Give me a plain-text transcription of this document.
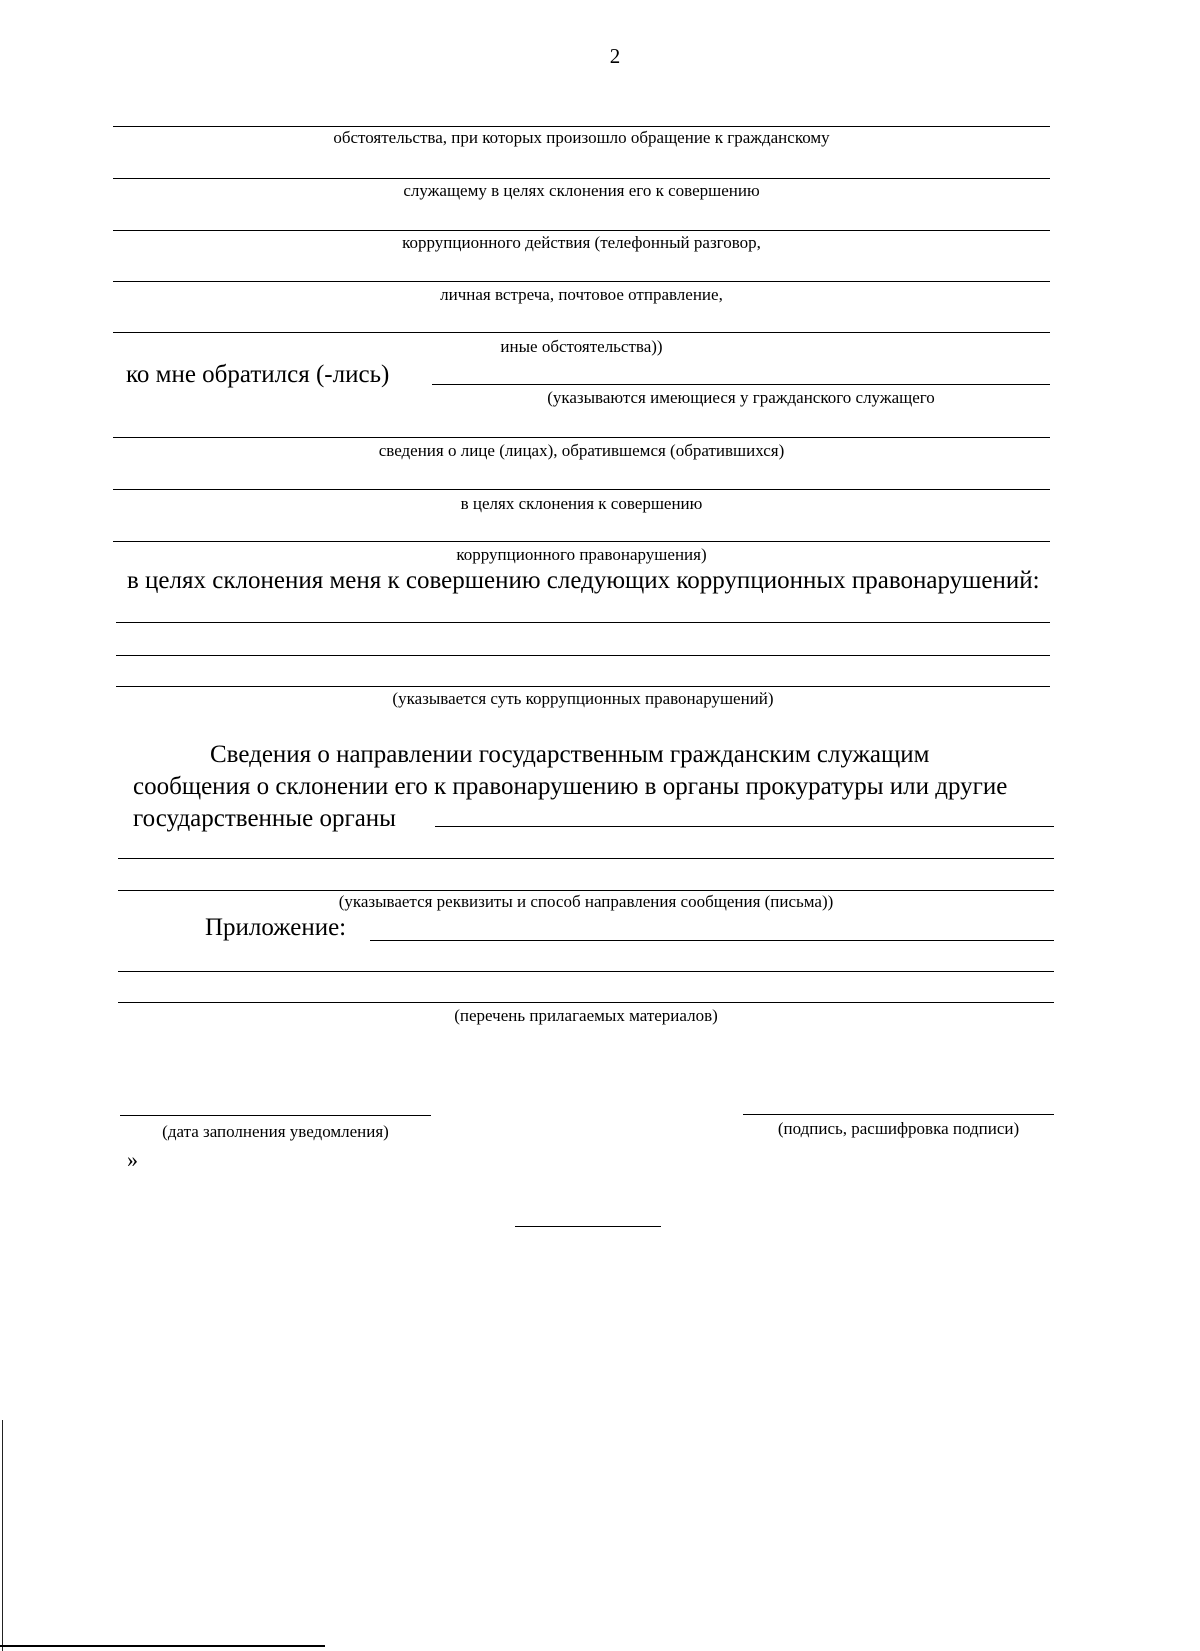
2
обстоятельства, при которых произошло обращение к гражданскому
служащему в целях склонения его к совершению
коррупционного действия (телефонный разговор,
личная встреча, почтовое отправление,
иные обстоятельства))
ко мне обратился (-лись)
(указываются имеющиеся у гражданского служащего
сведения о лице (лицах), обратившемся (обратившихся)
в целях склонения к совершению
коррупционного правонарушения)
в целях склонения меня к совершению следующих коррупционных правонарушений:
(указывается суть коррупционных правонарушений)
Сведения о направлении государственным гражданским служащим
сообщения о склонении его к правонарушению в органы прокуратуры или другие
государственные органы
(указывается реквизиты и способ направления сообщения (письма))
Приложение:
(перечень прилагаемых материалов)
(дата заполнения уведомления)	(подпись, расшифровка подписи)
»
